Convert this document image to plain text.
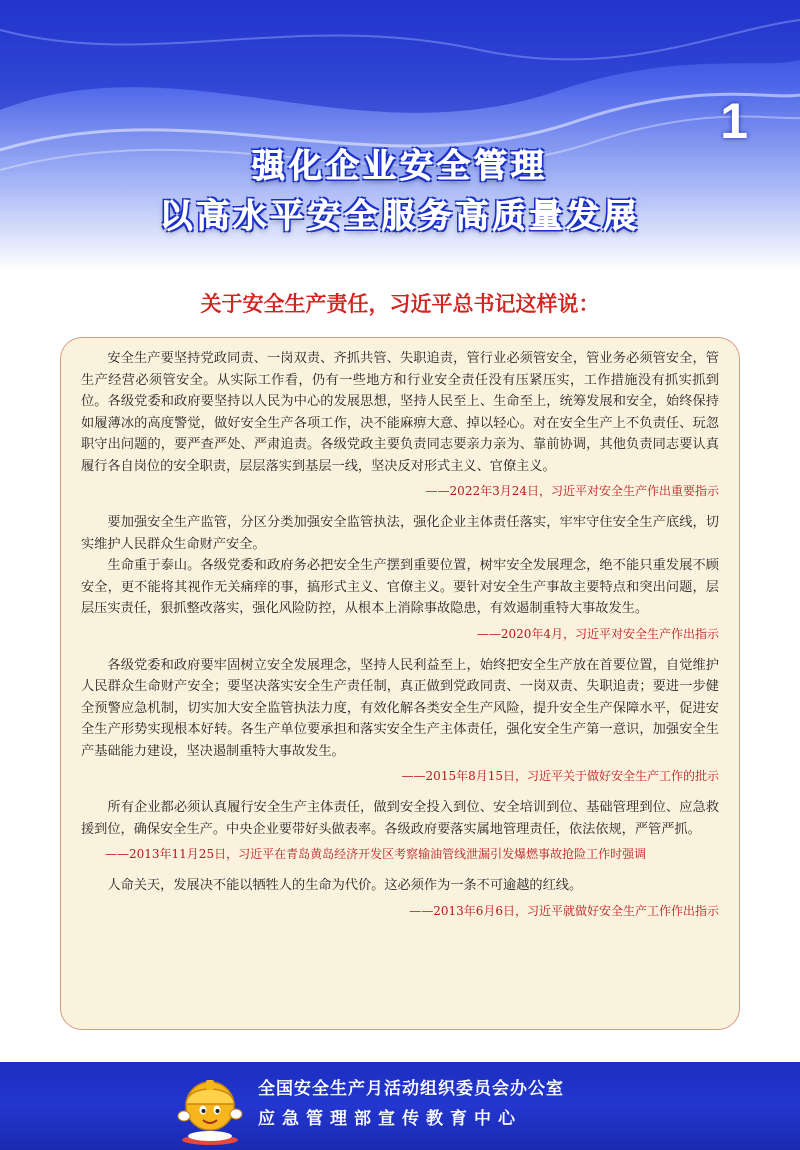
1
强化企业安全管理
以高水平安全服务高质量发展
关于安全生产责任，习近平总书记这样说：

安全生产要坚持党政同责、一岗双责、齐抓共管、失职追责，管行业必须管安全，管业务必须管安全，管生产经营必须管安全。从实际工作看，仍有一些地方和行业安全责任没有压紧压实，工作措施没有抓实抓到位。各级党委和政府要坚持以人民为中心的发展思想，坚持人民至上、生命至上，统筹发展和安全，始终保持如履薄冰的高度警觉，做好安全生产各项工作，决不能麻痹大意、掉以轻心。对在安全生产上不负责任、玩忽职守出问题的，要严查严处、严肃追责。各级党政主要负责同志要亲力亲为、靠前协调，其他负责同志要认真履行各自岗位的安全职责，层层落实到基层一线，坚决反对形式主义、官僚主义。

——2022年3月24日，习近平对安全生产作出重要指示

要加强安全生产监管，分区分类加强安全监管执法，强化企业主体责任落实，牢牢守住安全生产底线，切实维护人民群众生命财产安全。

生命重于泰山。各级党委和政府务必把安全生产摆到重要位置，树牢安全发展理念，绝不能只重发展不顾安全，更不能将其视作无关痛痒的事，搞形式主义、官僚主义。要针对安全生产事故主要特点和突出问题，层层压实责任，狠抓整改落实，强化风险防控，从根本上消除事故隐患，有效遏制重特大事故发生。

——2020年4月，习近平对安全生产作出指示

各级党委和政府要牢固树立安全发展理念，坚持人民利益至上，始终把安全生产放在首要位置，自觉维护人民群众生命财产安全；要坚决落实安全生产责任制，真正做到党政同责、一岗双责、失职追责；要进一步健全预警应急机制，切实加大安全监管执法力度，有效化解各类安全生产风险，提升安全生产保障水平，促进安全生产形势实现根本好转。各生产单位要承担和落实安全生产主体责任，强化安全生产第一意识，加强安全生产基础能力建设，坚决遏制重特大事故发生。

——2015年8月15日，习近平关于做好安全生产工作的批示

所有企业都必须认真履行安全生产主体责任，做到安全投入到位、安全培训到位、基础管理到位、应急救援到位，确保安全生产。中央企业要带好头做表率。各级政府要落实属地管理责任，依法依规，严管严抓。

——2013年11月25日，习近平在青岛黄岛经济开发区考察输油管线泄漏引发爆燃事故抢险工作时强调

人命关天，发展决不能以牺牲人的生命为代价。这必须作为一条不可逾越的红线。

——2013年6月6日，习近平就做好安全生产工作作出指示
全国安全生产月活动组织委员会办公室
应急管理部宣传教育中心
